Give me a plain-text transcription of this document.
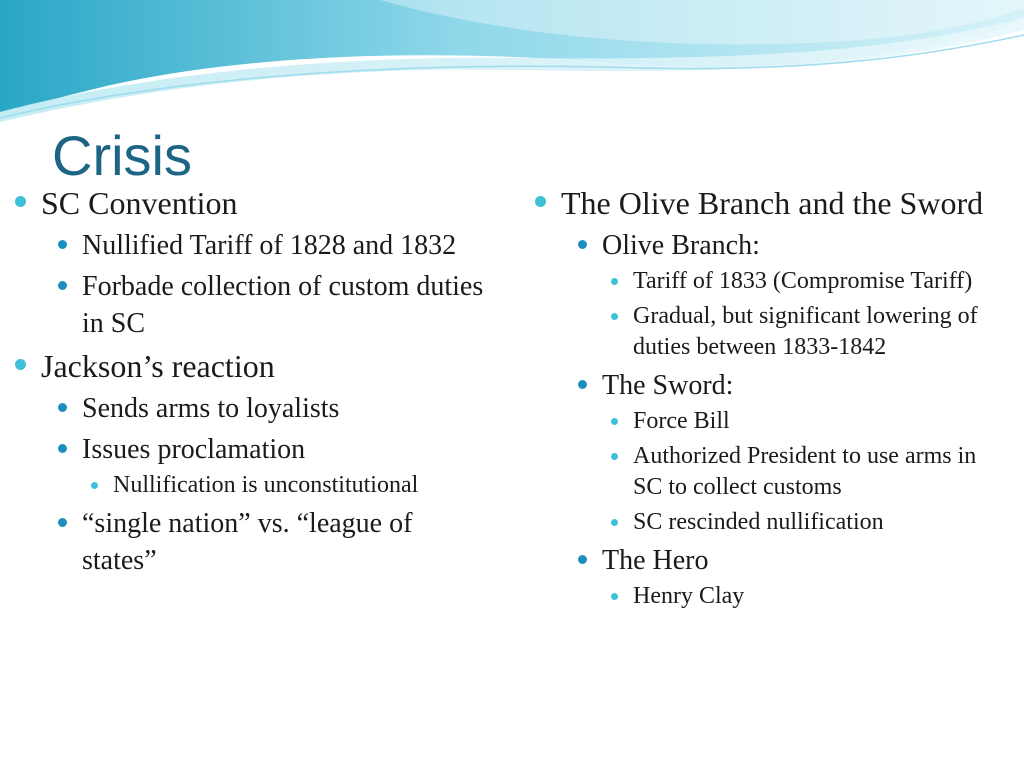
Crisis
SC Convention
Nullified Tariff of 1828 and 1832
Forbade collection of custom duties in SC
Jackson’s reaction
Sends arms to loyalists
Issues proclamation
Nullification is unconstitutional
“single nation” vs. “league of states”
The Olive Branch and the Sword
Olive Branch:
Tariff of 1833 (Compromise Tariff)
Gradual, but significant lowering of duties between 1833-1842
The Sword:
Force Bill
Authorized President to use arms in SC to collect customs
SC rescinded nullification
The Hero
Henry Clay
